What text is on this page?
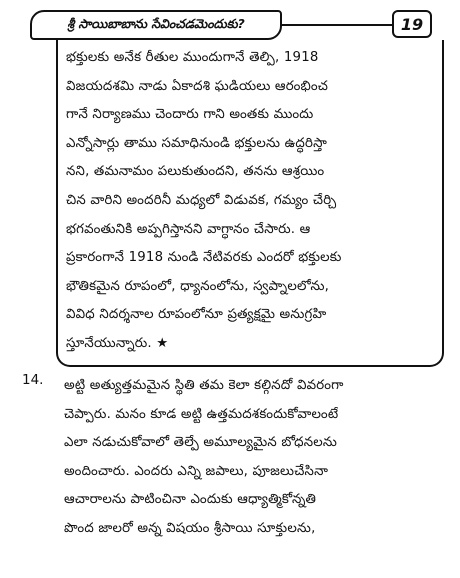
శ్రీ సాయిబాబాను సేవించడమెందుకు?	19
భక్తులకు అనేక రీతుల ముందుగానే తెల్పి, 1918
విజయదశమి నాడు ఏకాదశి ఘడియలు ఆరంభించ
గానే నిర్యాణము చెందారు గాని అంతకు ముందు
ఎన్నోసార్లు తాము సమాధినుండి భక్తులను ఉద్ధరిస్తా
నని, తమనామం పలుకుతుందని, తనను ఆశ్రయిం
చిన వారిని అందరినీ మధ్యలో విడువక, గమ్యం చేర్చి
భగవంతునికి అప్పగిస్తానని వాగ్ధానం చేసారు. ఆ
ప్రకారంగానే 1918 నుండి నేటివరకు ఎందరో భక్తులకు
భౌతికమైన రూపంలో, ధ్యానంలోను, స్వప్నాలలోను,
వివిధ నిదర్శనాల రూపంలోనూ ప్రత్యక్షమై అనుగ్రహి
స్తూనేయున్నారు. ★
14. అట్టి అత్యుత్తమమైన స్థితి తమ కెలా కల్గినదో వివరంగా
చెప్పారు. మనం కూడ అట్టి ఉత్తమదశకందుకోవాలంటే
ఎలా నడుచుకోవాలో తెల్పే అమూల్యమైన బోధనలను
అందించారు. ఎందరు ఎన్ని జపాలు, పూజలుచేసినా
ఆచారాలను పాటించినా ఎందుకు ఆధ్యాత్మికోన్నతి
పొంద జాలరో అన్న విషయం శ్రీసాయి సూక్తులను,
